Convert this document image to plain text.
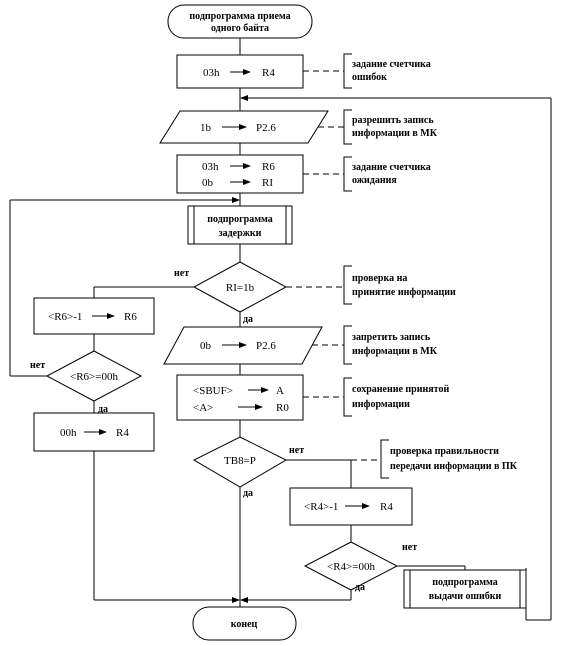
подпрограмма приема
одного байта
03h	R4
1b	P2.6
03h	R6
0b	RI
подпрограмма
задержки
RI=1b
0b	P2.6
<SBUF>	A
<A>	R0
TB8=P
<R4>-1	R4
<R4>=00h
подпрограмма
выдачи ошибки
<R6>-1	R6
<R6>=00h
00h	R4
конец
нет
да
нет
да
нет
да
нет
да
задание счетчика
ошибок
разрешить запись
информации в МК
задание счетчика
ожидания
проверка на
принятие информации
запретить запись
информации в МК
сохранение принятой
информации
проверка правильности
передачи информации в ПК
